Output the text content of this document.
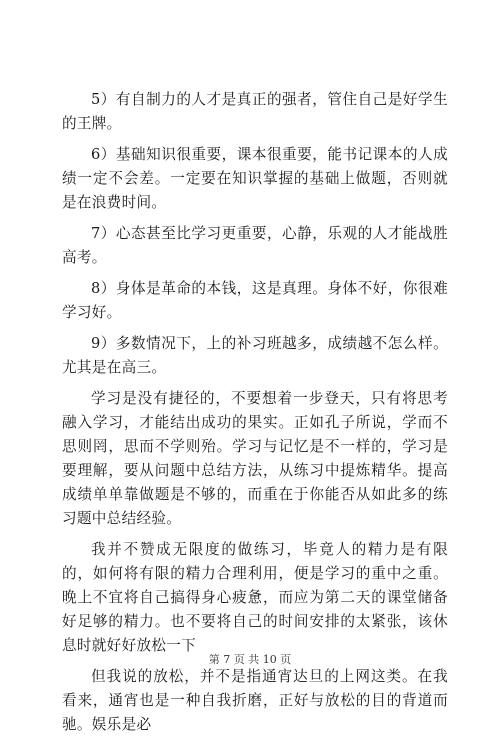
5）有自制力的人才是真正的强者，管住自己是好学生的王牌。

6）基础知识很重要，课本很重要，能书记课本的人成绩一定不会差。一定要在知识掌握的基础上做题，否则就是在浪费时间。

7）心态甚至比学习更重要，心静，乐观的人才能战胜高考。

8）身体是革命的本钱，这是真理。身体不好，你很难学习好。

9）多数情况下，上的补习班越多，成绩越不怎么样。尤其是在高三。

学习是没有捷径的，不要想着一步登天，只有将思考融入学习，才能结出成功的果实。正如孔子所说，学而不思则罔，思而不学则殆。学习与记忆是不一样的，学习是要理解，要从问题中总结方法，从练习中提炼精华。提高成绩单单靠做题是不够的，而重在于你能否从如此多的练习题中总结经验。

我并不赞成无限度的做练习，毕竟人的精力是有限的，如何将有限的精力合理利用，便是学习的重中之重。晚上不宜将自己搞得身心疲惫，而应为第二天的课堂储备好足够的精力。也不要将自己的时间安排的太紧张，该休息时就好好放松一下

但我说的放松，并不是指通宵达旦的上网这类。在我看来，通宵也是一种自我折磨，正好与放松的目的背道而驰。娱乐是必

第 7 页 共 10 页
